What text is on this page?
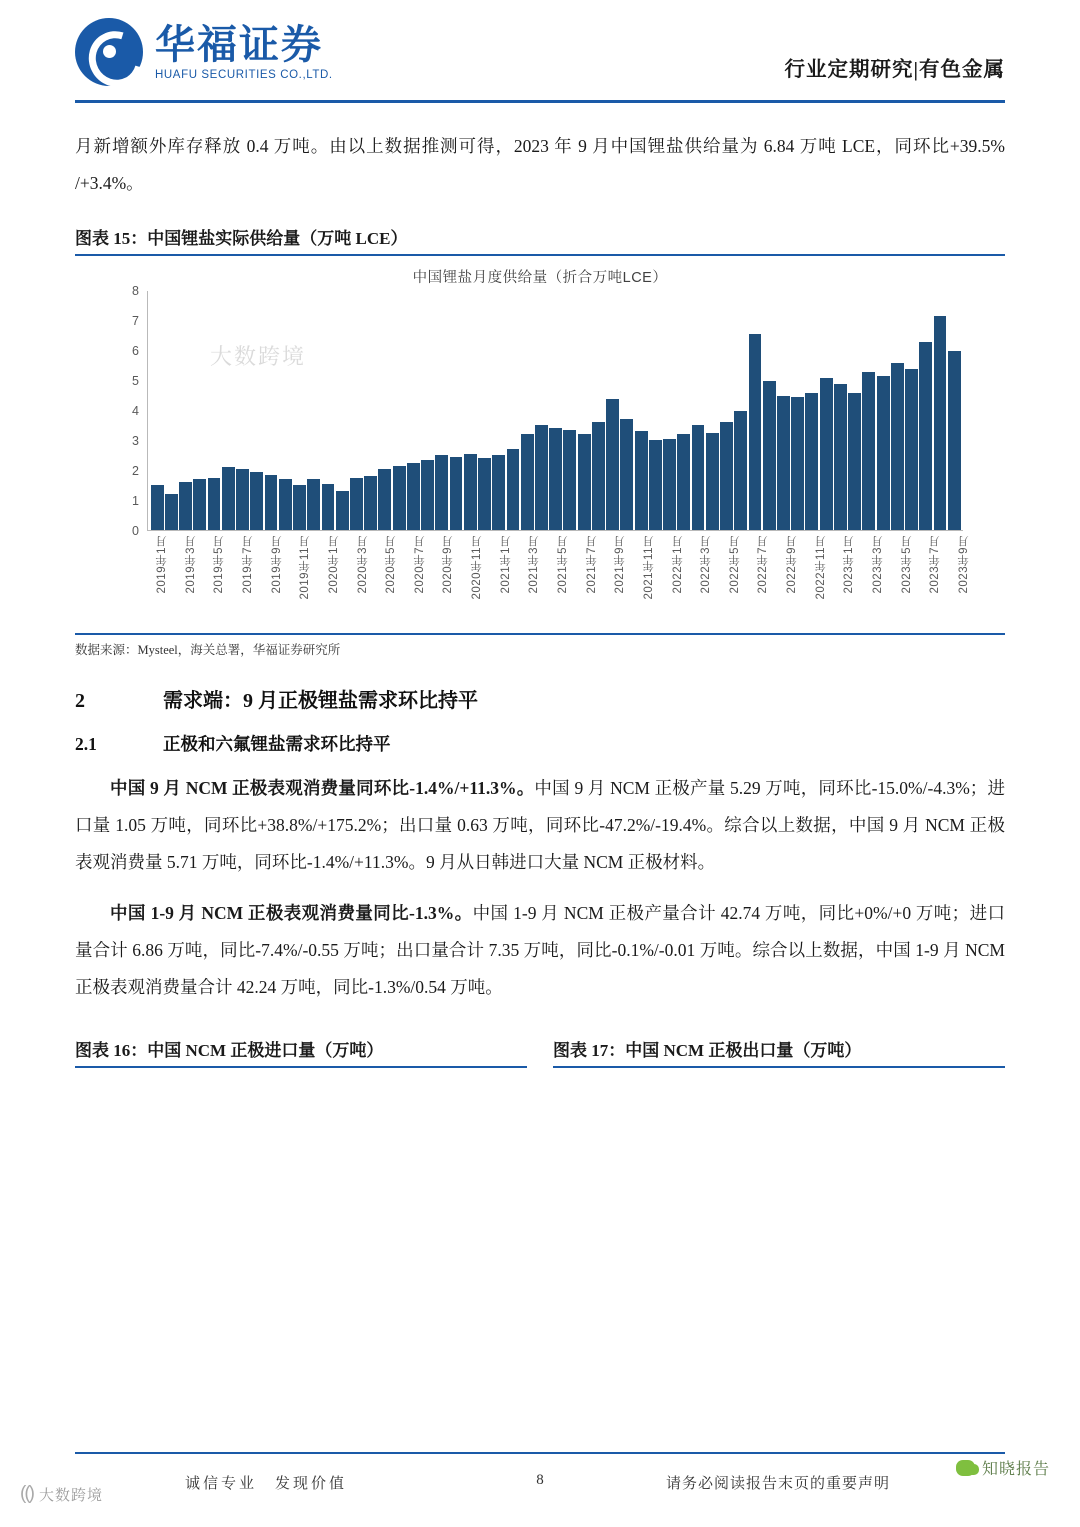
华福证券
HUAFU SECURITIES CO.,LTD.	行业定期研究|有色金属

月新增额外库存释放 0.4 万吨。由以上数据推测可得，2023 年 9 月中国锂盐供给量为 6.84 万吨 LCE，同环比+39.5% /+3.4%。

图表 15：中国锂盐实际供给量（万吨 LCE）
中国锂盐月度供给量（折合万吨LCE）
0
1
2
3
4
5
6
7
8
2019年1月 2019年3月 2019年5月 2019年7月 2019年9月 2019年11月 2020年1月 2020年3月 2020年5月 2020年7月 2020年9月 2020年11月 2021年1月 2021年3月 2021年5月 2021年7月 2021年9月 2021年11月 2022年1月 2022年3月 2022年5月 2022年7月 2022年9月 2022年11月 2023年1月 2023年3月 2023年5月 2023年7月 2023年9月
数据来源：Mysteel，海关总署，华福证券研究所
2	需求端：9 月正极锂盐需求环比持平
2.1	正极和六氟锂盐需求环比持平

中国 9 月 NCM 正极表观消费量同环比-1.4%/+11.3%。中国 9 月 NCM 正极产量 5.29 万吨，同环比-15.0%/-4.3%；进口量 1.05 万吨，同环比+38.8%/+175.2%；出口量 0.63 万吨，同环比-47.2%/-19.4%。综合以上数据，中国 9 月 NCM 正极表观消费量 5.71 万吨，同环比-1.4%/+11.3%。9 月从日韩进口大量 NCM 正极材料。

中国 1-9 月 NCM 正极表观消费量同比-1.3%。中国 1-9 月 NCM 正极产量合计 42.74 万吨，同比+0%/+0 万吨；进口量合计 6.86 万吨，同比-7.4%/-0.55 万吨；出口量合计 7.35 万吨，同比-0.1%/-0.01 万吨。综合以上数据，中国 1-9 月 NCM 正极表观消费量合计 42.24 万吨，同比-1.3%/0.54 万吨。

图表 16：中国 NCM 正极进口量（万吨）	图表 17：中国 NCM 正极出口量（万吨）
大数跨境
(() 大数跨境
知晓报告
诚信专业　发现价值	8	请务必阅读报告末页的重要声明
